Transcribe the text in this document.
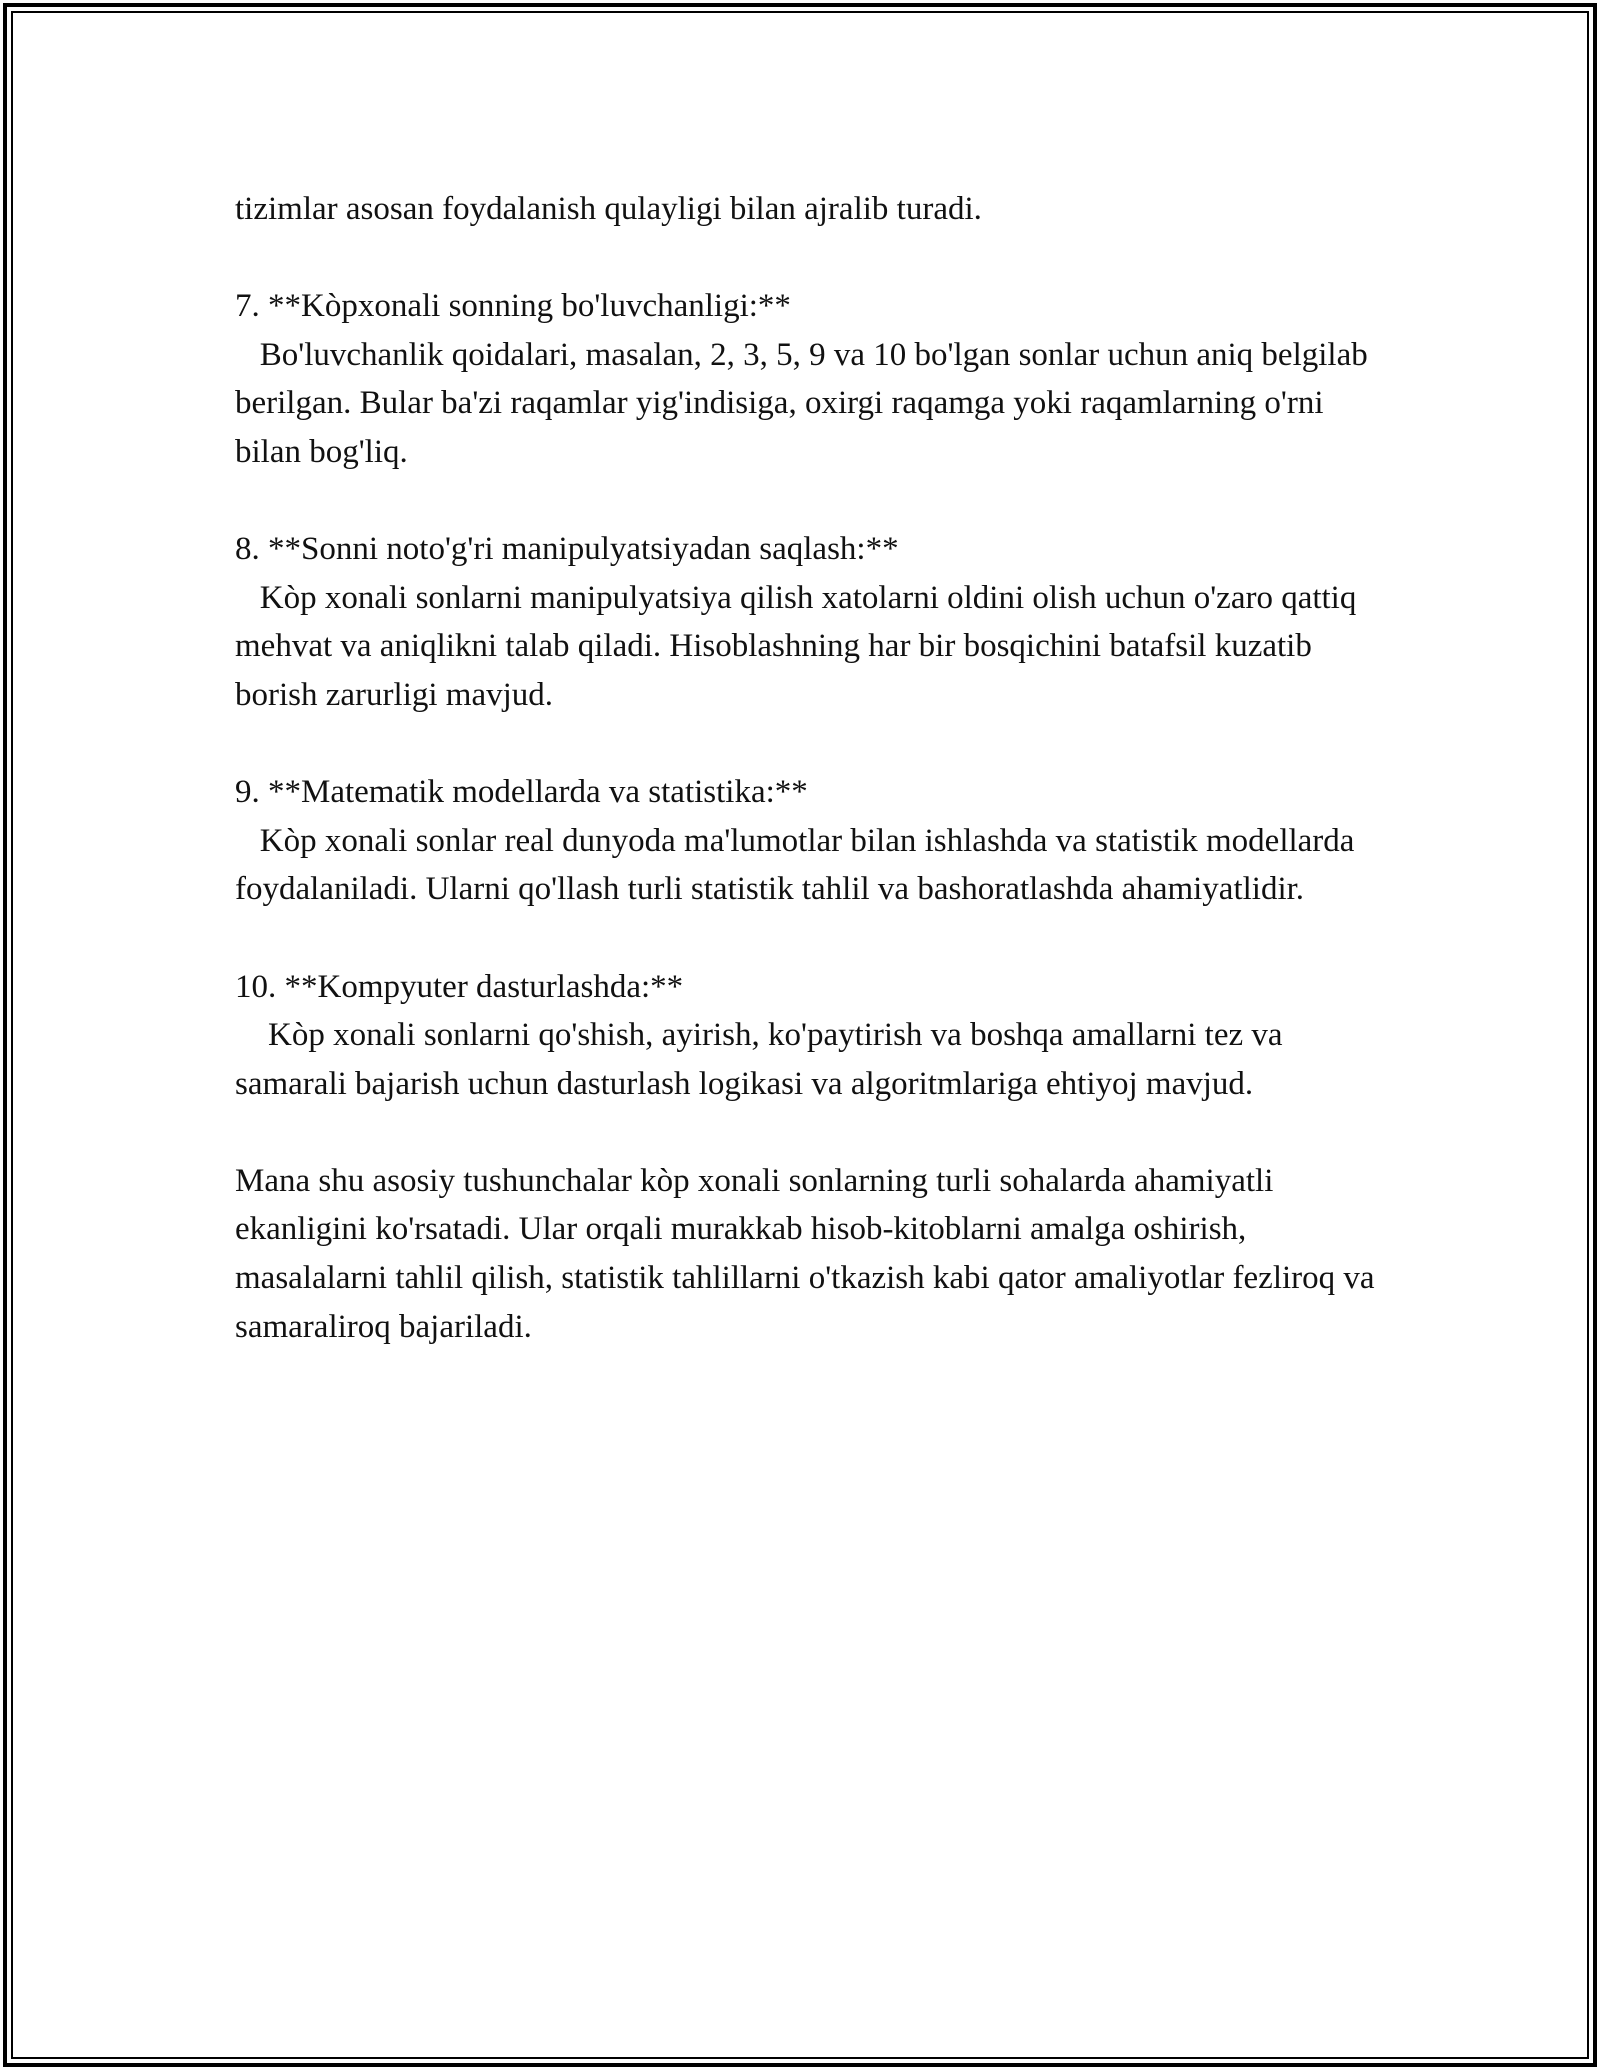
tizimlar asosan foydalanish qulayligi bilan ajralib turadi.

7. **Kòpxonali sonning bo'luvchanligi:**

Bo'luvchanlik qoidalari, masalan, 2, 3, 5, 9 va 10 bo'lgan sonlar uchun aniq belgilab berilgan. Bular ba'zi raqamlar yig'indisiga, oxirgi raqamga yoki raqamlarning o'rni bilan bog'liq.

8. **Sonni noto'g'ri manipulyatsiyadan saqlash:**

Kòp xonali sonlarni manipulyatsiya qilish xatolarni oldini olish uchun o'zaro qattiq mehvat va aniqlikni talab qiladi. Hisoblashning har bir bosqichini batafsil kuzatib borish zarurligi mavjud.

9. **Matematik modellarda va statistika:**

Kòp xonali sonlar real dunyoda ma'lumotlar bilan ishlashda va statistik modellarda foydalaniladi. Ularni qo'llash turli statistik tahlil va bashoratlashda ahamiyatlidir.

10. **Kompyuter dasturlashda:**

Kòp xonali sonlarni qo'shish, ayirish, ko'paytirish va boshqa amallarni tez va samarali bajarish uchun dasturlash logikasi va algoritmlariga ehtiyoj mavjud.

Mana shu asosiy tushunchalar kòp xonali sonlarning turli sohalarda ahamiyatli ekanligini ko'rsatadi. Ular orqali murakkab hisob-kitoblarni amalga oshirish, masalalarni tahlil qilish, statistik tahlillarni o'tkazish kabi qator amaliyotlar fezliroq va samaraliroq bajariladi.
